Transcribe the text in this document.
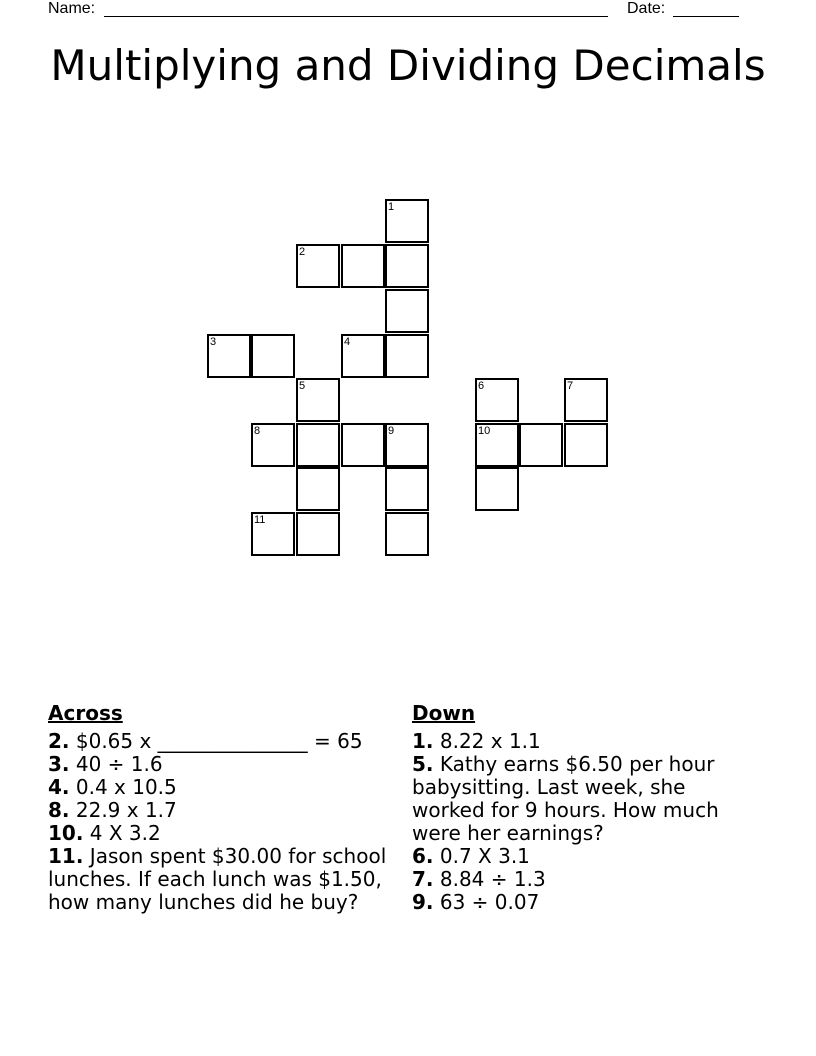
Name:	Date:
Multiplying and Dividing Decimals
1
2
3	4
5
8	9
11
6	7
10
Across
2. $0.65 x _______________ = 65
3. 40 ÷ 1.6
4. 0.4 x 10.5
8. 22.9 x 1.7
10. 4 X 3.2
11. Jason spent $30.00 for school lunches. If each lunch was $1.50, how many lunches did he buy?
Down
1. 8.22 x 1.1
5. Kathy earns $6.50 per hour babysitting. Last week, she worked for 9 hours. How much were her earnings?
6. 0.7 X 3.1
7. 8.84 ÷ 1.3
9. 63 ÷ 0.07
